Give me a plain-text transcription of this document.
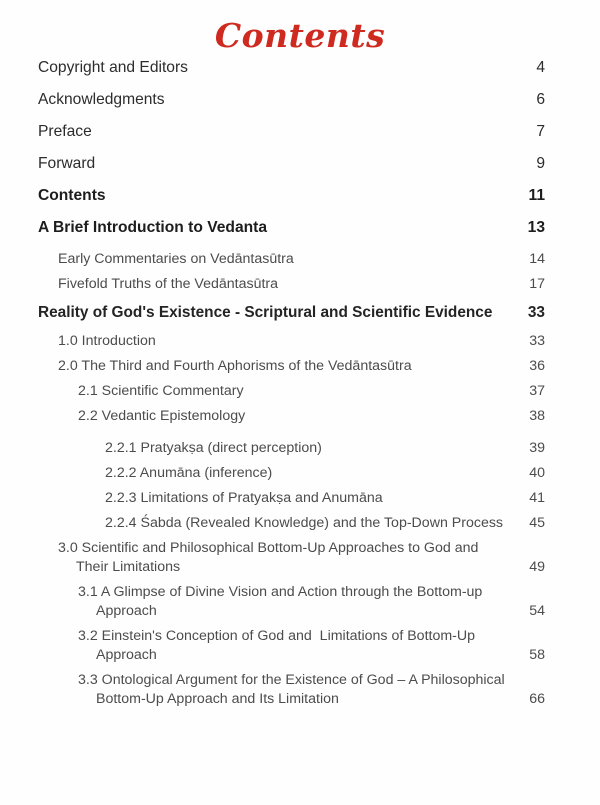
Contents
Copyright and Editors	4
Acknowledgments	6
Preface	7
Forward	9
Contents	11
A Brief Introduction to Vedanta	13
Early Commentaries on Vedāntasūtra	14
Fivefold Truths of the Vedāntasūtra	17
Reality of God's Existence - Scriptural and Scientific Evidence	33
1.0 Introduction	33
2.0 The Third and Fourth Aphorisms of the Vedāntasūtra	36
2.1 Scientific Commentary	37
2.2 Vedantic Epistemology	38
2.2.1 Pratyakṣa (direct perception)	39
2.2.2 Anumāna (inference)	40
2.2.3 Limitations of Pratyakṣa and Anumāna	41
2.2.4 Śabda (Revealed Knowledge) and the Top-Down Process	45
3.0 Scientific and Philosophical Bottom-Up Approaches to God and Their Limitations	49
3.1 A Glimpse of Divine Vision and Action through the Bottom-up Approach	54
3.2 Einstein's Conception of God and  Limitations of Bottom-Up Approach	58
3.3 Ontological Argument for the Existence of God – A Philosophical Bottom-Up Approach and Its Limitation	66
